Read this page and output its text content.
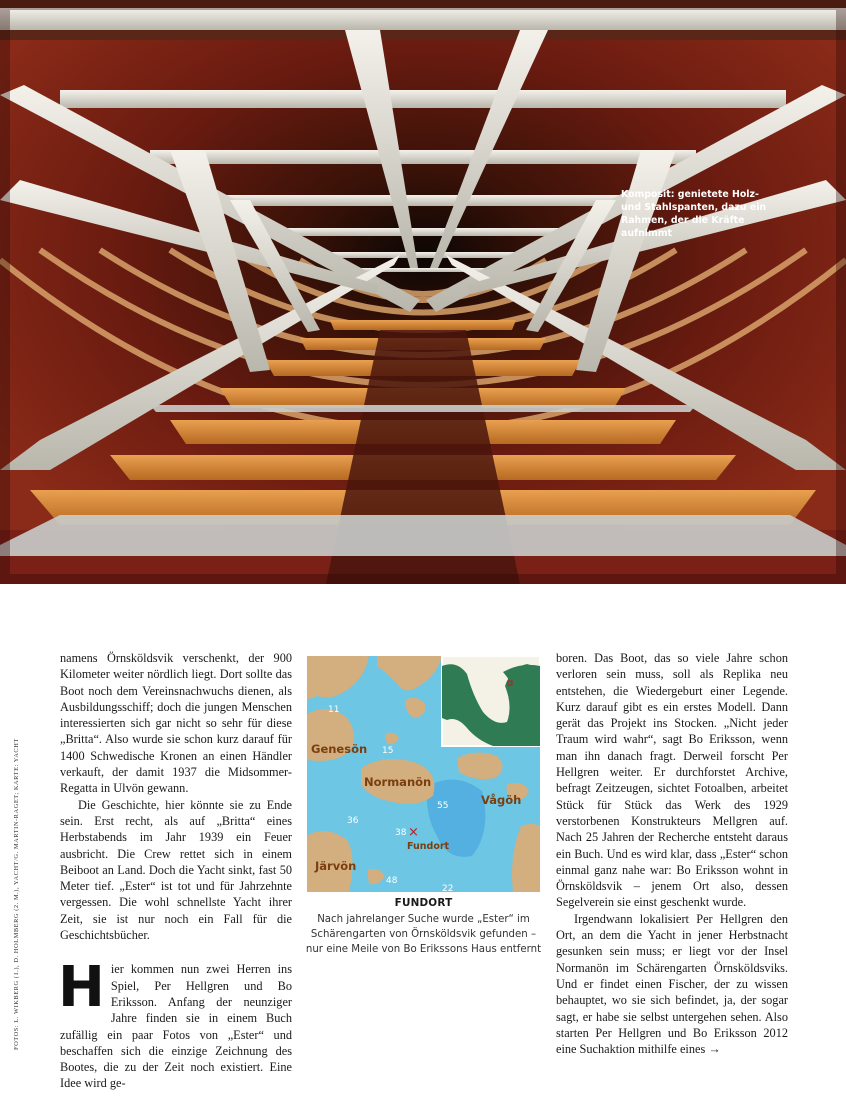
Komposit: genietete Holz- und Stahlspanten, dazu ein Rahmen, der die Kräfte aufnimmt
FOTOS: L. WIKBERG (1.), D. HOLMBERG (2. M.), YACHT/G. MARTIN-RAGET; KARTE: YACHT

namens Örnsköldsvik verschenkt, der 900 Kilometer weiter nördlich liegt. Dort sollte das Boot noch dem Vereinsnachwuchs dienen, als Ausbildungsschiff; doch die jungen Menschen interessierten sich gar nicht so sehr für diese „Britta“. Also wurde sie schon kurz darauf für 1400 Schwedische Kronen an einen Händler verkauft, der damit 1937 die Midsommer-Regatta in Ulvön gewann.

Die Geschichte, hier könnte sie zu Ende sein. Erst recht, als auf „Britta“ eines Herbstabends im Jahr 1939 ein Feuer ausbricht. Die Crew rettet sich in einem Beiboot an Land. Doch die Yacht sinkt, fast 50 Meter tief. „Ester“ ist tot und für Jahrzehnte vergessen. Die wohl schnellste Yacht ihrer Zeit, sie ist nur noch ein Fall für die Geschichtsbücher.

Hier kommen nun zwei Herren ins Spiel, Per Hellgren und Bo Eriksson. Anfang der neunziger Jahre finden sie in einem Buch zufällig ein paar Fotos von „Ester“ und beschaffen sich die einzige Zeichnung des Bootes, die zu der Zeit noch existiert. Eine Idee wird ge-

11
15
55
36
38
48
22
Genesön
Normanön
Vågöh
Järvön
×
Fundort
FUNDORT
Nach jahrelanger Suche wurde „Ester“ im Schärengarten von Örnsköldsvik gefunden – nur eine Meile von Bo Erikssons Haus entfernt

boren. Das Boot, das so viele Jahre schon verloren sein muss, soll als Replika neu entstehen, die Wiedergeburt einer Legende. Kurz darauf gibt es ein erstes Modell. Dann gerät das Projekt ins Stocken. „Nicht jeder Traum wird wahr“, sagt Bo Eriksson, wenn man ihn danach fragt. Derweil forscht Per Hellgren weiter. Er durchforstet Archive, befragt Zeitzeugen, sichtet Fotoalben, arbeitet Stück für Stück das Werk des 1929 verstorbenen Konstrukteurs Mellgren auf. Nach 25 Jahren der Recherche entsteht daraus ein Buch. Und es wird klar, dass „Ester“ schon einmal ganz nahe war: Bo Eriksson wohnt in Örnsköldsvik – jenem Ort also, dessen Segelverein sie einst geschenkt wurde.

Irgendwann lokalisiert Per Hellgren den Ort, an dem die Yacht in jener Herbstnacht gesunken sein muss; er liegt vor der Insel Normanön im Schärengarten Örnsköldsviks. Und er findet einen Fischer, der zu wissen behauptet, wo sie sich befindet, ja, der sogar sagt, er habe sie selbst untergehen sehen. Also starten Per Hellgren und Bo Eriksson 2012 eine Suchaktion mithilfe eines →
